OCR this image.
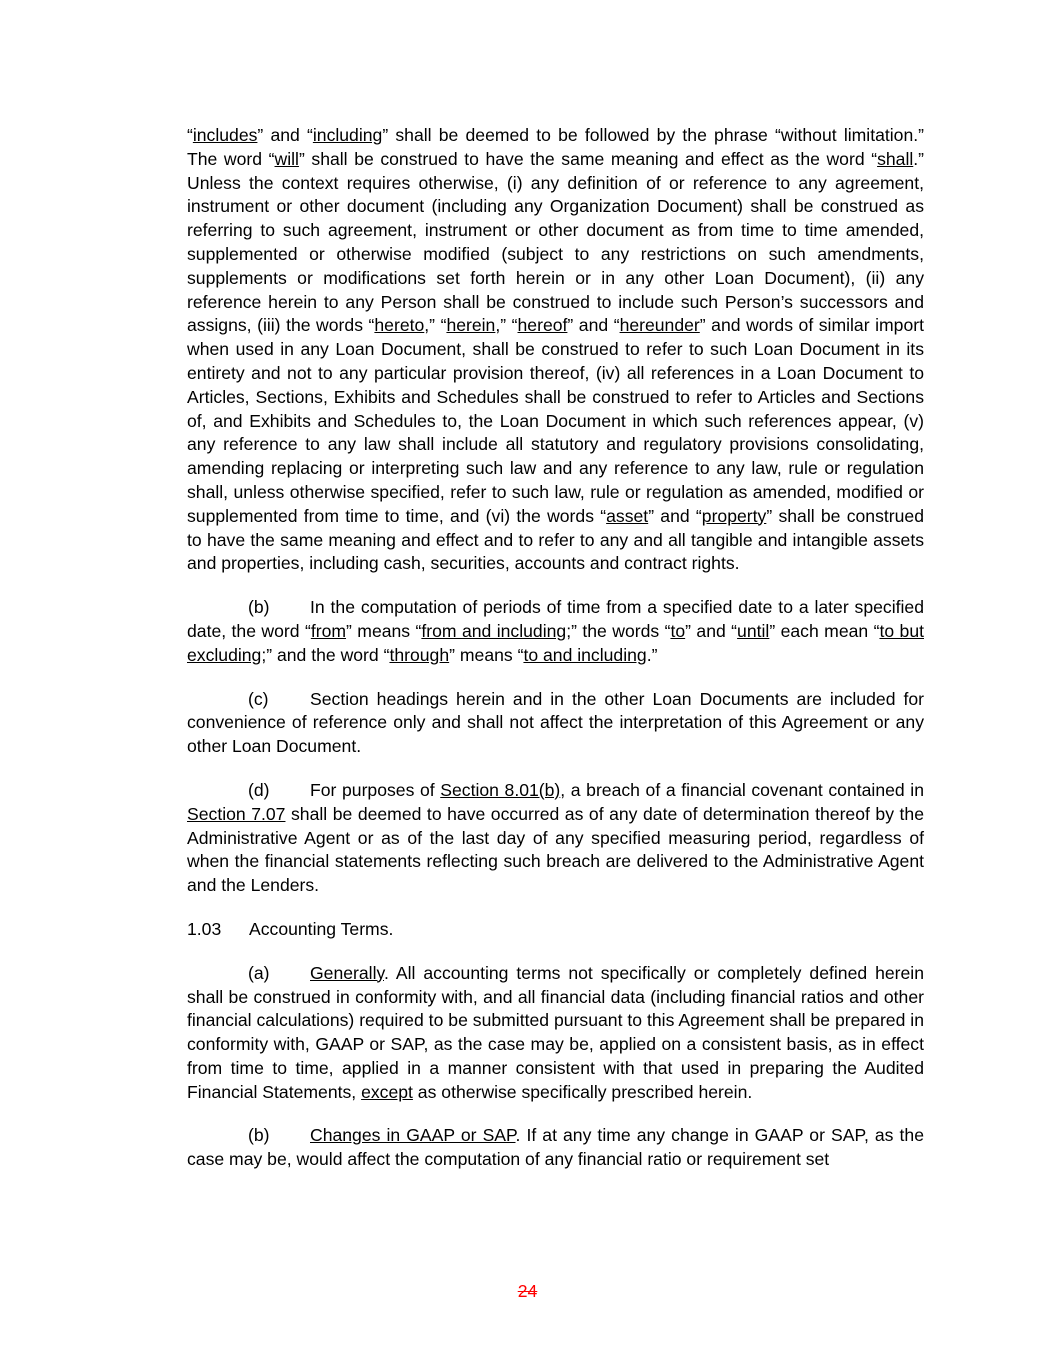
“includes” and “including” shall be deemed to be followed by the phrase “without limitation.” The word “will” shall be construed to have the same meaning and effect as the word “shall.” Unless the context requires otherwise, (i) any definition of or reference to any agreement, instrument or other document (including any Organization Document) shall be construed as referring to such agreement, instrument or other document as from time to time amended, supplemented or otherwise modified (subject to any restrictions on such amendments, supplements or modifications set forth herein or in any other Loan Document), (ii) any reference herein to any Person shall be construed to include such Person’s successors and assigns, (iii) the words “hereto,” “herein,” “hereof” and “hereunder” and words of similar import when used in any Loan Document, shall be construed to refer to such Loan Document in its entirety and not to any particular provision thereof, (iv) all references in a Loan Document to Articles, Sections, Exhibits and Schedules shall be construed to refer to Articles and Sections of, and Exhibits and Schedules to, the Loan Document in which such references appear, (v) any reference to any law shall include all statutory and regulatory provisions consolidating, amending replacing or interpreting such law and any reference to any law, rule or regulation shall, unless otherwise specified, refer to such law, rule or regulation as amended, modified or supplemented from time to time, and (vi) the words “asset” and “property” shall be construed to have the same meaning and effect and to refer to any and all tangible and intangible assets and properties, including cash, securities, accounts and contract rights.

(b) In the computation of periods of time from a specified date to a later specified date, the word “from” means “from and including;” the words “to” and “until” each mean “to but excluding;” and the word “through” means “to and including.”

(c) Section headings herein and in the other Loan Documents are included for convenience of reference only and shall not affect the interpretation of this Agreement or any other Loan Document.

(d) For purposes of Section 8.01(b), a breach of a financial covenant contained in Section 7.07 shall be deemed to have occurred as of any date of determination thereof by the Administrative Agent or as of the last day of any specified measuring period, regardless of when the financial statements reflecting such breach are delivered to the Administrative Agent and the Lenders.

1.03 Accounting Terms.

(a) Generally. All accounting terms not specifically or completely defined herein shall be construed in conformity with, and all financial data (including financial ratios and other financial calculations) required to be submitted pursuant to this Agreement shall be prepared in conformity with, GAAP or SAP, as the case may be, applied on a consistent basis, as in effect from time to time, applied in a manner consistent with that used in preparing the Audited Financial Statements, except as otherwise specifically prescribed herein.

(b) Changes in GAAP or SAP. If at any time any change in GAAP or SAP, as the case may be, would affect the computation of any financial ratio or requirement set

24
